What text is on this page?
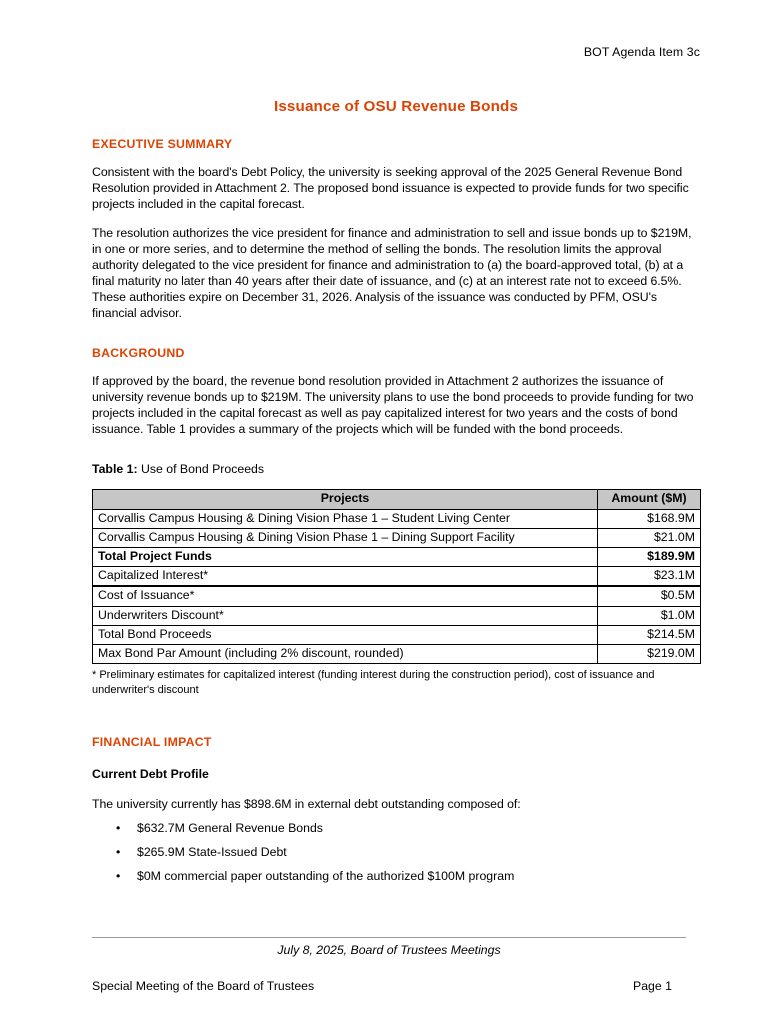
BOT Agenda Item 3c
Issuance of OSU Revenue Bonds
EXECUTIVE SUMMARY

Consistent with the board's Debt Policy, the university is seeking approval of the 2025 General Revenue Bond Resolution provided in Attachment 2. The proposed bond issuance is expected to provide funds for two specific projects included in the capital forecast.

The resolution authorizes the vice president for finance and administration to sell and issue bonds up to $219M, in one or more series, and to determine the method of selling the bonds. The resolution limits the approval authority delegated to the vice president for finance and administration to (a) the board-approved total, (b) at a final maturity no later than 40 years after their date of issuance, and (c) at an interest rate not to exceed 6.5%. These authorities expire on December 31, 2026. Analysis of the issuance was conducted by PFM, OSU's financial advisor.

BACKGROUND

If approved by the board, the revenue bond resolution provided in Attachment 2 authorizes the issuance of university revenue bonds up to $219M. The university plans to use the bond proceeds to provide funding for two projects included in the capital forecast as well as pay capitalized interest for two years and the costs of bond issuance. Table 1 provides a summary of the projects which will be funded with the bond proceeds.

Table 1: Use of Bond Proceeds

Projects	Amount ($M)
Corvallis Campus Housing & Dining Vision Phase 1 – Student Living Center	$168.9M
Corvallis Campus Housing & Dining Vision Phase 1 – Dining Support Facility	$21.0M
Total Project Funds	$189.9M
Capitalized Interest*	$23.1M
Cost of Issuance*	$0.5M
Underwriters Discount*	$1.0M
Total Bond Proceeds	$214.5M
Max Bond Par Amount (including 2% discount, rounded)	$219.0M

* Preliminary estimates for capitalized interest (funding interest during the construction period), cost of issuance and underwriter's discount

FINANCIAL IMPACT
Current Debt Profile

The university currently has $898.6M in external debt outstanding composed of:

• $632.7M General Revenue Bonds
• $265.9M State-Issued Debt
• $0M commercial paper outstanding of the authorized $100M program
July 8, 2025, Board of Trustees Meetings
Special Meeting of the Board of Trustees	Page 1
